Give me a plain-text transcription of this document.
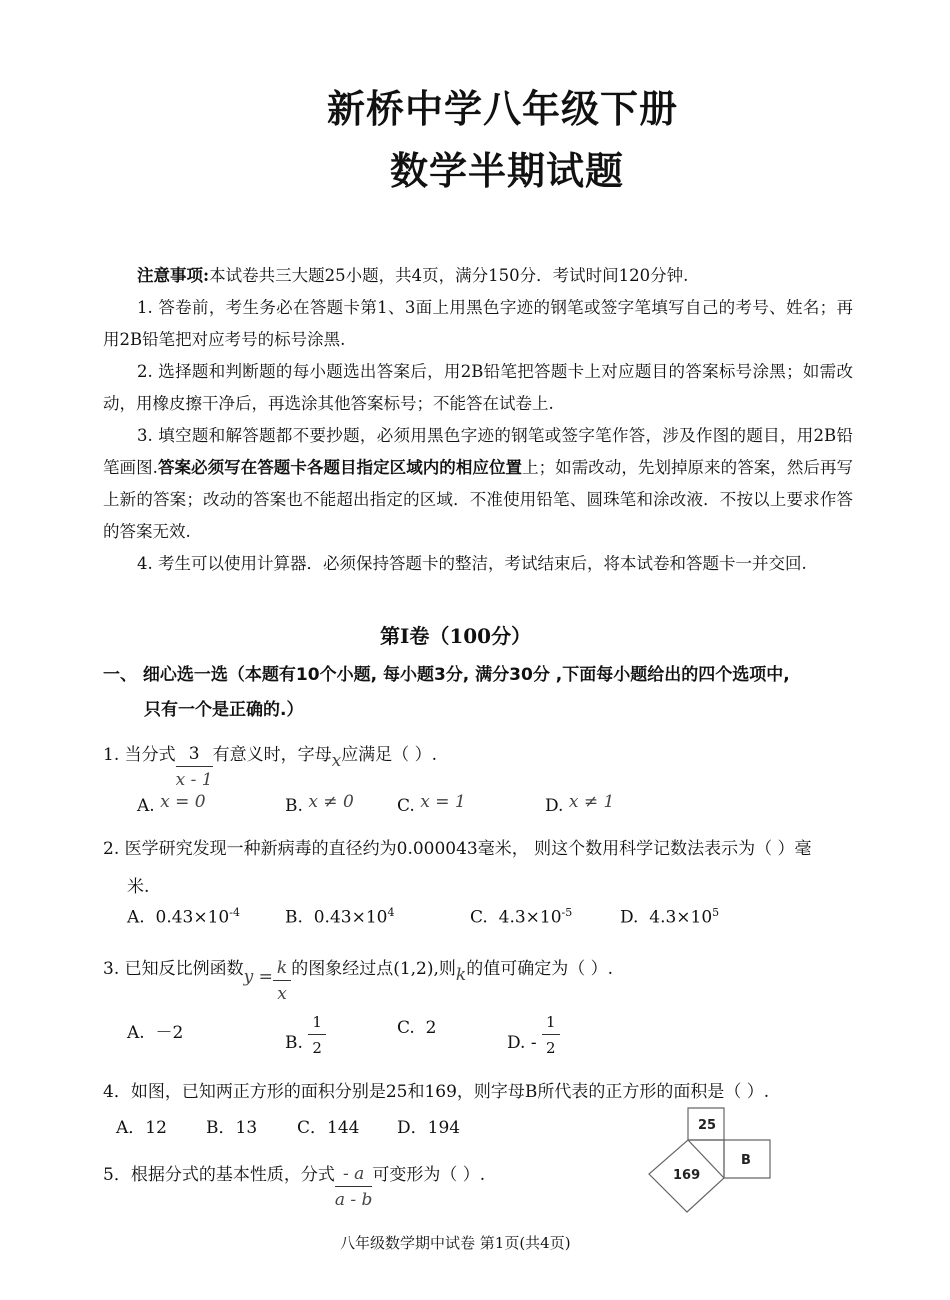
新桥中学八年级下册
数学半期试题

注意事项:本试卷共三大题25小题，共4页，满分150分．考试时间120分钟.

1. 答卷前，考生务必在答题卡第1、3面上用黑色字迹的钢笔或签字笔填写自己的考号、姓名；再用2B铅笔把对应考号的标号涂黑.

2. 选择题和判断题的每小题选出答案后，用2B铅笔把答题卡上对应题目的答案标号涂黑；如需改动，用橡皮擦干净后，再选涂其他答案标号；不能答在试卷上.

3. 填空题和解答题都不要抄题，必须用黑色字迹的钢笔或签字笔作答，涉及作图的题目，用2B铅笔画图.答案必须写在答题卡各题目指定区域内的相应位置上；如需改动，先划掉原来的答案，然后再写上新的答案；改动的答案也不能超出指定的区域．不准使用铅笔、圆珠笔和涂改液．不按以上要求作答的答案无效.

4. 考生可以使用计算器．必须保持答题卡的整洁，考试结束后，将本试卷和答题卡一并交回.

第Ⅰ卷（100分）
一、 细心选一选（本题有10个小题, 每小题3分, 满分30分 ,下面每小题给出的四个选项中,
只有一个是正确的.）
1. 当分式 $\frac{3}{x - 1}$ 有意义时，字母x应满足（ ）.
A. x = 0	B. x ≠ 0	C. x = 1	D. x ≠ 1
2. 医学研究发现一种新病毒的直径约为0.000043毫米， 则这个数用科学记数法表示为（ ）毫
米.
A. $0.43\times 10^{-4}$	B. $0.43\times 10^4$	C. $4.3\times 10^{-5}$	D. $4.3\times 10^5$
3. 已知反比例函数$y = \frac{k}{x}$ 的图象经过点(1,2),则k的值可确定为（ ）.
A. －2	B. $\frac{1}{2}$	C. 2
D. - $\frac{1}{2}$
4．如图，已知两正方形的面积分别是25和169，则字母B所代表的正方形的面积是（ ）.
A．12 B．13 C．144 D．194	25
B
169
5．根据分式的基本性质，分式 $\frac{- a}{a - b}$ 可变形为（ ）.
八年级数学期中试卷 第1页(共4页)
